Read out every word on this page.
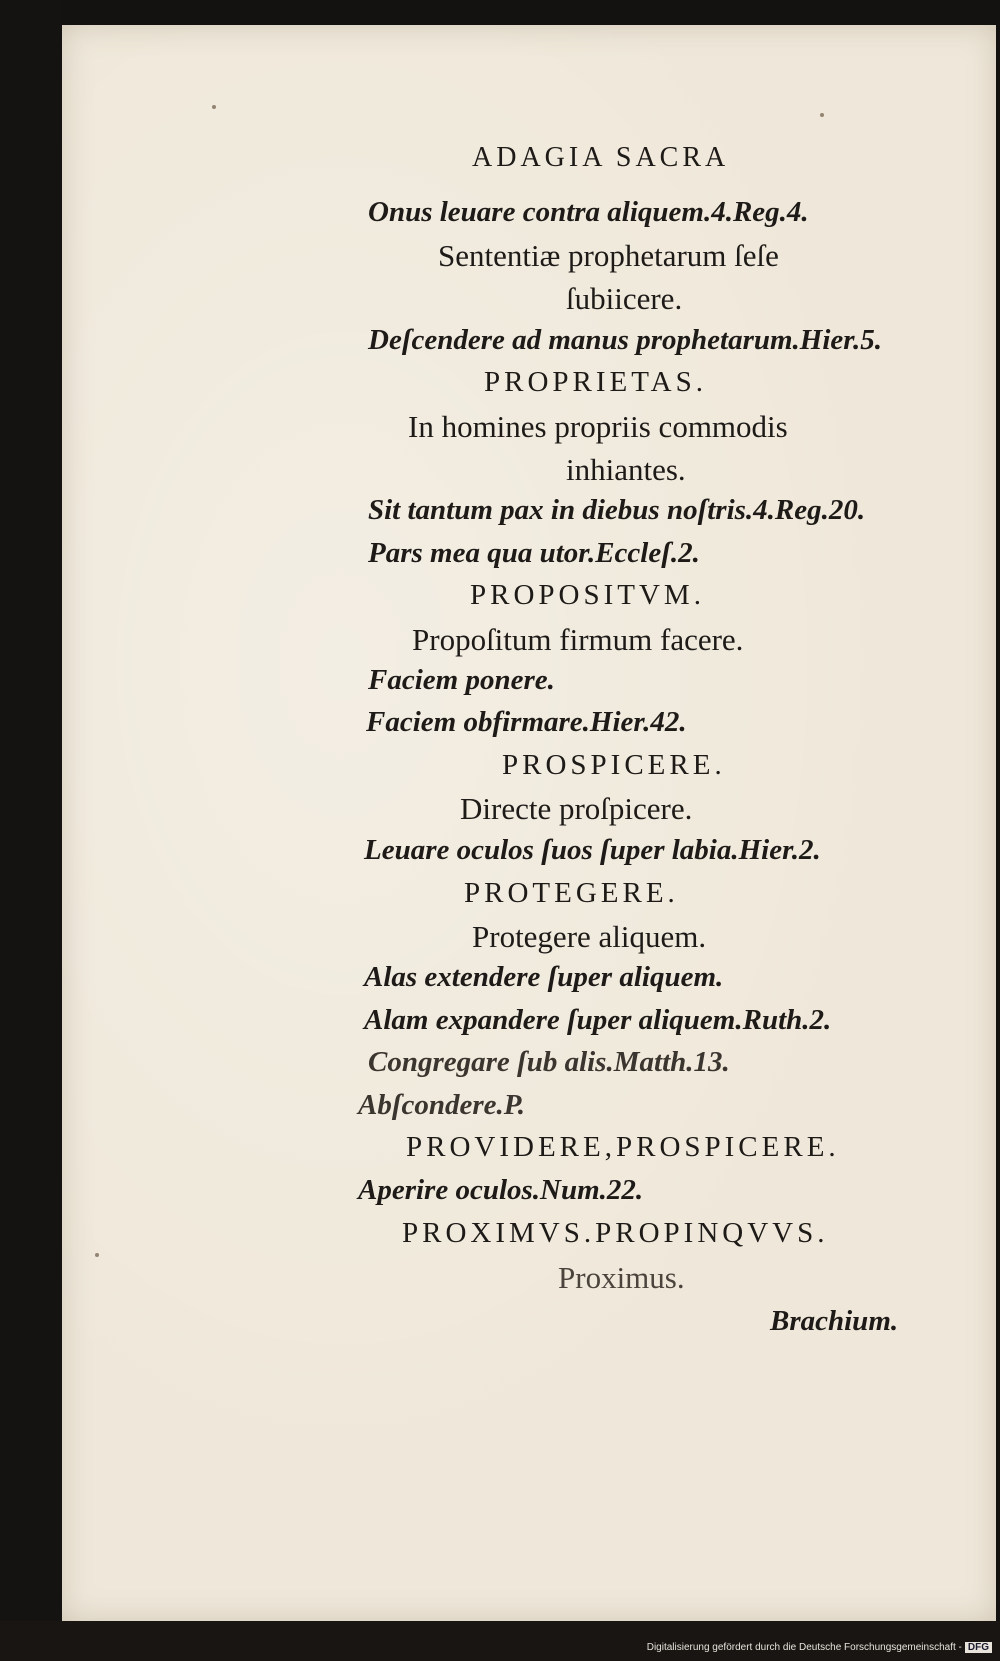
ADAGIA SACRA
Onus leuare contra aliquem.4.Reg.4.
Sententiæ prophetarum ſeſe
ſubiicere.
Deſcendere ad manus prophetarum.Hier.5.
PROPRIETAS.
In homines propriis commodis
inhiantes.
Sit tantum pax in diebus noſtris.4.Reg.20.
Pars mea qua utor.Eccleſ.2.
PROPOSITVM.
Propoſitum firmum facere.
Faciem ponere.
Faciem obfirmare.Hier.42.
PROSPICERE.
Directe proſpicere.
Leuare oculos ſuos ſuper labia.Hier.2.
PROTEGERE.
Protegere aliquem.
Alas extendere ſuper aliquem.
Alam expandere ſuper aliquem.Ruth.2.
Congregare ſub alis.Matth.13.
Abſcondere.P.
PROVIDERE,PROSPICERE.
Aperire oculos.Num.22.
PROXIMVS.PROPINQVVS.
Proximus.
Brachium.
Digitalisierung gefördert durch die Deutsche Forschungsgemeinschaft - DFG
